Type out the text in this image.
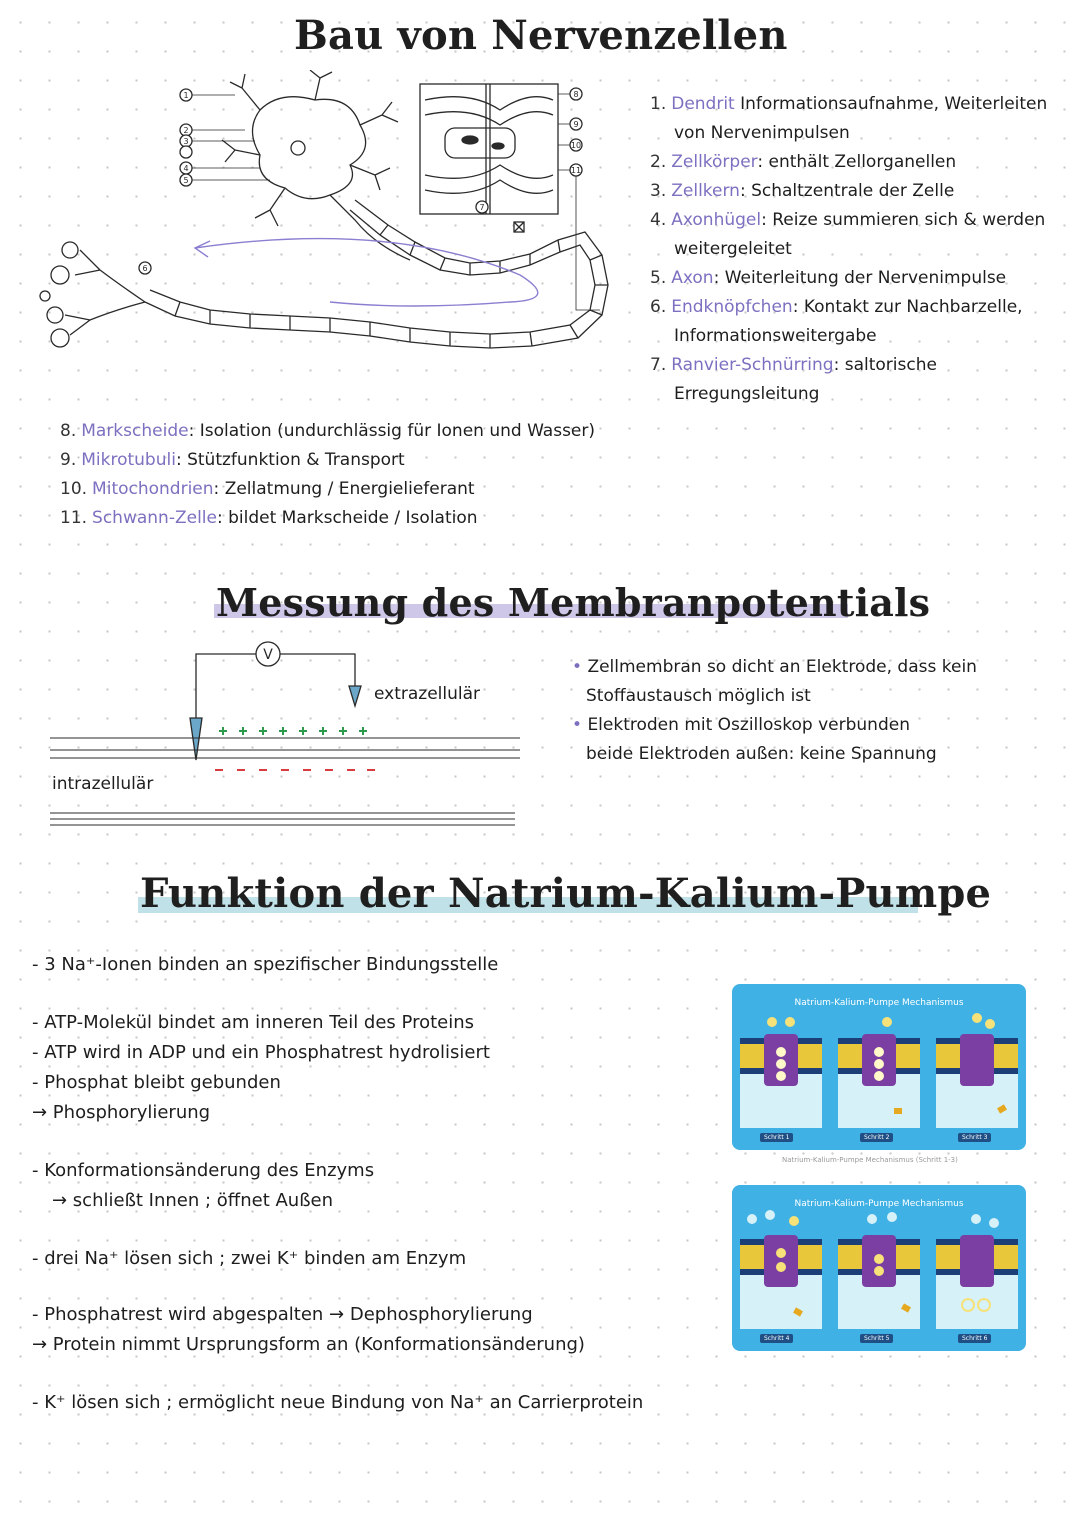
Bau von Nervenzellen
1
2
3
4
5
6
7
8
9
10
11
1. Dendrit Informationsaufnahme, Weiterleiten
von Nervenimpulsen
2. Zellkörper: enthält Zellorganellen
3. Zellkern: Schaltzentrale der Zelle
4. Axonhügel: Reize summieren sich & werden
weitergeleitet
5. Axon: Weiterleitung der Nervenimpulse
6. Endknöpfchen: Kontakt zur Nachbarzelle,
Informationsweitergabe
7. Ranvier-Schnürring: saltorische
Erregungsleitung
8. Markscheide: Isolation (undurchlässig für Ionen und Wasser)
9. Mikrotubuli: Stützfunktion & Transport
10. Mitochondrien: Zellatmung / Energielieferant
11. Schwann-Zelle: bildet Markscheide / Isolation
Messung des Membranpotentials
V
extrazellulär
intrazellulär
• Zellmembran so dicht an Elektrode, dass kein
Stoffaustausch möglich ist
• Elektroden mit Oszilloskop verbunden
beide Elektroden außen: keine Spannung
Funktion der Natrium-Kalium-Pumpe
- 3 Na⁺-Ionen binden an spezifischer Bindungsstelle
- ATP-Molekül bindet am inneren Teil des Proteins
- ATP wird in ADP und ein Phosphatrest hydrolisiert
- Phosphat bleibt gebunden
→ Phosphorylierung
- Konformationsänderung des Enzyms
→ schließt Innen ; öffnet Außen
- drei Na⁺ lösen sich ; zwei K⁺ binden am Enzym
- Phosphatrest wird abgespalten → Dephosphorylierung
→ Protein nimmt Ursprungsform an (Konformationsänderung)
- K⁺ lösen sich ; ermöglicht neue Bindung von Na⁺ an Carrierprotein
Natrium-Kalium-Pumpe Mechanismus
Schritt 1	Schritt 2	Schritt 3
Natrium-Kalium-Pumpe Mechanismus (Schritt 1-3)
Natrium-Kalium-Pumpe Mechanismus
Schritt 4	Schritt 5	Schritt 6
